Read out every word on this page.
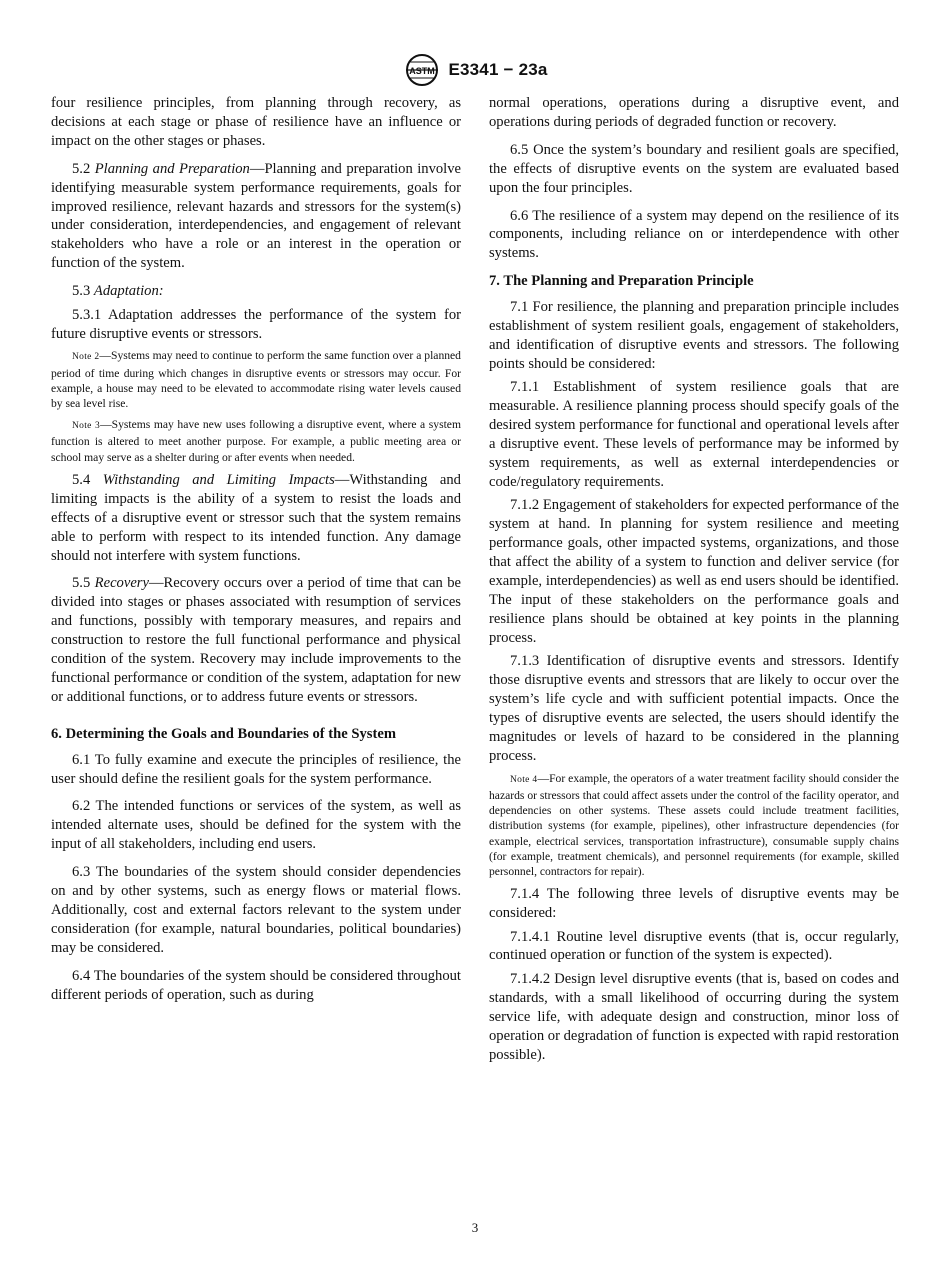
ASTM E3341 − 23a

four resilience principles, from planning through recovery, as decisions at each stage or phase of resilience have an influence or impact on the other stages or phases.

5.2 Planning and Preparation—Planning and preparation involve identifying measurable system performance requirements, goals for improved resilience, relevant hazards and stressors for the system(s) under consideration, interdependencies, and engagement of relevant stakeholders who have a role or an interest in the operation or function of the system.

5.3 Adaptation:

5.3.1 Adaptation addresses the performance of the system for future disruptive events or stressors.

Note 2—Systems may need to continue to perform the same function over a planned period of time during which changes in disruptive events or stressors may occur. For example, a house may need to be elevated to accommodate rising water levels caused by sea level rise.
Note 3—Systems may have new uses following a disruptive event, where a system function is altered to meet another purpose. For example, a public meeting area or school may serve as a shelter during or after events when needed.

5.4 Withstanding and Limiting Impacts—Withstanding and limiting impacts is the ability of a system to resist the loads and effects of a disruptive event or stressor such that the system remains able to perform with respect to its intended function. Any damage should not interfere with system functions.

5.5 Recovery—Recovery occurs over a period of time that can be divided into stages or phases associated with resumption of services and functions, possibly with temporary measures, and repairs and construction to restore the full functional performance and physical condition of the system. Recovery may include improvements to the functional performance or condition of the system, adaptation for new or additional functions, or to address future events or stressors.

6. Determining the Goals and Boundaries of the System

6.1 To fully examine and execute the principles of resilience, the user should define the resilient goals for the system performance.

6.2 The intended functions or services of the system, as well as intended alternate uses, should be defined for the system with the input of all stakeholders, including end users.

6.3 The boundaries of the system should consider dependencies on and by other systems, such as energy flows or material flows. Additionally, cost and external factors relevant to the system under consideration (for example, natural boundaries, political boundaries) may be considered.

6.4 The boundaries of the system should be considered throughout different periods of operation, such as during

normal operations, operations during a disruptive event, and operations during periods of degraded function or recovery.

6.5 Once the system’s boundary and resilient goals are specified, the effects of disruptive events on the system are evaluated based upon the four principles.

6.6 The resilience of a system may depend on the resilience of its components, including reliance on or interdependence with other systems.

7. The Planning and Preparation Principle

7.1 For resilience, the planning and preparation principle includes establishment of system resilient goals, engagement of stakeholders, and identification of disruptive events and stressors. The following points should be considered:

7.1.1 Establishment of system resilience goals that are measurable. A resilience planning process should specify goals of the desired system performance for functional and operational levels after a disruptive event. These levels of performance may be informed by system requirements, as well as external interdependencies or code/regulatory requirements.

7.1.2 Engagement of stakeholders for expected performance of the system at hand. In planning for system resilience and meeting performance goals, other impacted systems, organizations, and those that affect the ability of a system to function and deliver service (for example, interdependencies) as well as end users should be identified. The input of these stakeholders on the performance goals and resilience plans should be obtained at key points in the planning process.

7.1.3 Identification of disruptive events and stressors. Identify those disruptive events and stressors that are likely to occur over the system’s life cycle and with sufficient potential impacts. Once the types of disruptive events are selected, the users should identify the magnitudes or levels of hazard to be considered in the planning process.

Note 4—For example, the operators of a water treatment facility should consider the hazards or stressors that could affect assets under the control of the facility operator, and dependencies on other systems. These assets could include treatment facilities, distribution systems (for example, pipelines), other infrastructure dependencies (for example, electrical services, transportation infrastructure), consumable supply chains (for example, treatment chemicals), and personnel requirements (for example, skilled personnel, contractors for repair).

7.1.4 The following three levels of disruptive events may be considered:

7.1.4.1 Routine level disruptive events (that is, occur regularly, continued operation or function of the system is expected).

7.1.4.2 Design level disruptive events (that is, based on codes and standards, with a small likelihood of occurring during the system service life, with adequate design and construction, minor loss of operation or degradation of function is expected with rapid restoration possible).

3
